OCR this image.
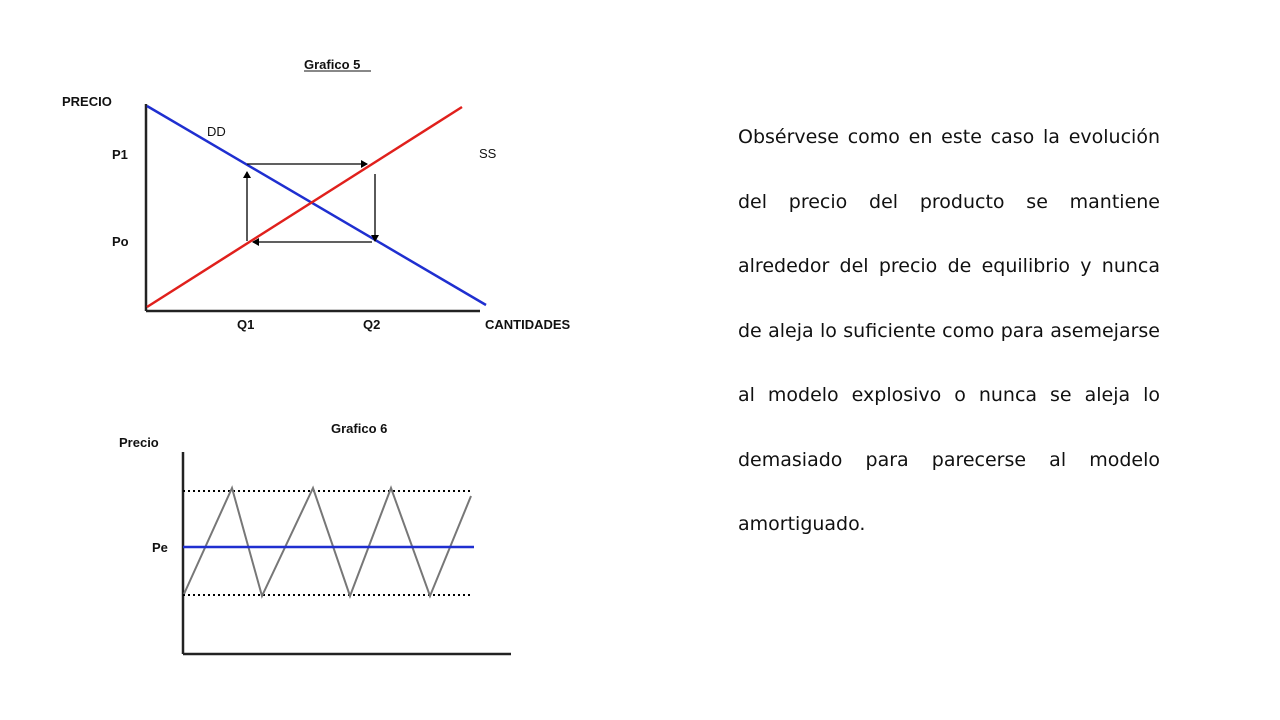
Grafico 5
PRECIO
CANTIDADES
P1
Po
Q1	Q2
DD
SS
Grafico 6
Precio
Pe

Obsérvese como en este caso la evolución del precio del producto se mantiene alrededor del precio de equilibrio y nunca de aleja lo suficiente como para asemejarse al modelo explosivo o nunca se aleja lo demasiado para parecerse al modelo amortiguado.
